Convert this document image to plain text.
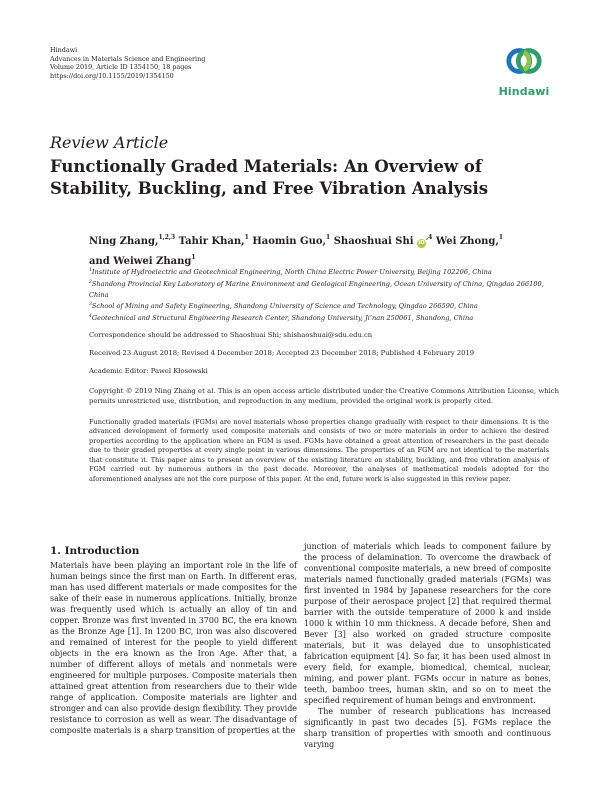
Hindawi
Advances in Materials Science and Engineering
Volume 2019, Article ID 1354150, 18 pages
https://doi.org/10.1155/2019/1354150
Hindawi
Review Article
Functionally Graded Materials: An Overview of Stability, Buckling, and Free Vibration Analysis
Ning Zhang,$^{1,2,3}$ Tahir Khan,$^1$ Haomin Guo,$^1$ Shaoshuai Shi $iD^{,4}$ Wei Zhong,$^1$
and Weiwei Zhang$^1$
$^1$Institute of Hydroelectric and Geotechnical Engineering, North China Electric Power University, Beijing 102206, China
$^2$Shandong Provincial Key Laboratory of Marine Environment and Geological Engineering, Ocean University of China, Qingdao 266100, China
$^3$School of Mining and Safety Engineering, Shandong University of Science and Technology, Qingdao 266590, China
$^4$Geotechnical and Structural Engineering Research Center, Shandong University, Ji’nan 250061, Shandong, China
Correspondence should be addressed to Shaoshuai Shi; shishaoshuai@sdu.edu.cn
Received 23 August 2018; Revised 4 December 2018; Accepted 23 December 2018; Published 4 February 2019
Academic Editor: Pawel Kłosowski
Copyright © 2019 Ning Zhang et al. This is an open access article distributed under the Creative Commons Attribution License, which permits unrestricted use, distribution, and reproduction in any medium, provided the original work is properly cited.
Functionally graded materials (FGMs) are novel materials whose properties change gradually with respect to their dimensions. It is the advanced development of formerly used composite materials and consists of two or more materials in order to achieve the desired properties according to the application where an FGM is used. FGMs have obtained a great attention of researchers in the past decade due to their graded properties at every single point in various dimensions. The properties of an FGM are not identical to the materials that constitute it. This paper aims to present an overview of the existing literature on stability, buckling, and free vibration analysis of FGM carried out by numerous authors in the past decade. Moreover, the analyses of mathematical models adopted for the aforementioned analyses are not the core purpose of this paper. At the end, future work is also suggested in this review paper.
1. Introduction

Materials have been playing an important role in the life of human beings since the first man on Earth. In different eras, man has used different materials or made composites for the sake of their ease in numerous applications. Initially, bronze was frequently used which is actually an alloy of tin and copper. Bronze was first invented in 3700 BC, the era known as the Bronze Age [1]. In 1200 BC, iron was also discovered and remained of interest for the people to yield different objects in the era known as the Iron Age. After that, a number of different alloys of metals and nonmetals were engineered for multiple purposes. Composite materials then attained great attention from researchers due to their wide range of application. Composite materials are lighter and stronger and can also provide design flexibility. They provide resistance to corrosion as well as wear. The disadvantage of composite materials is a sharp transition of properties at the

junction of materials which leads to component failure by the process of delamination. To overcome the drawback of conventional composite materials, a new breed of composite materials named functionally graded materials (FGMs) was first invented in 1984 by Japanese researchers for the core purpose of their aerospace project [2] that required thermal barrier with the outside temperature of 2000 k and inside 1000 k within 10 mm thickness. A decade before, Shen and Bever [3] also worked on graded structure composite materials, but it was delayed due to unsophisticated fabrication equipment [4]. So far, it has been used almost in every field, for example, biomedical, chemical, nuclear, mining, and power plant. FGMs occur in nature as bones, teeth, bamboo trees, human skin, and so on to meet the specified requirement of human beings and environment.

The number of research publications has increased significantly in past two decades [5]. FGMs replace the sharp transition of properties with smooth and continuous varying
